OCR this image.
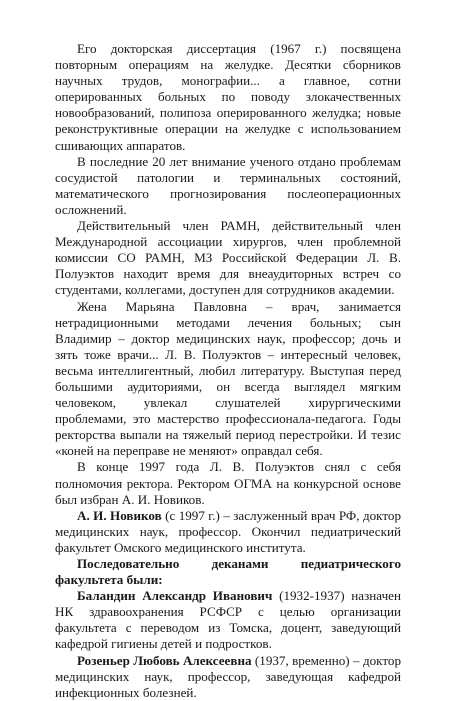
Его докторская диссертация (1967 г.) посвящена повторным операциям на желудке. Десятки сборников научных трудов, монографии... а главное, сотни оперированных больных по поводу злокачественных новообразований, полипоза оперированного желудка; новые реконструктивные операции на желудке с использованием сшивающих аппаратов.

В последние 20 лет внимание ученого отдано проблемам сосудистой патологии и терминальных состояний, математического прогнозирования послеоперационных осложнений.

Действительный член РАМН, действительный член Международной ассоциации хирургов, член проблемной комиссии СО РАМН, МЗ Российской Федерации Л. В. Полуэктов находит время для внеаудиторных встреч со студентами, коллегами, доступен для сотрудников академии.

Жена Марьяна Павловна – врач, занимается нетрадиционными методами лечения больных; сын Владимир – доктор медицинских наук, профессор; дочь и зять тоже врачи... Л. В. Полуэктов – интересный человек, весьма интеллигентный, любил литературу. Выступая перед большими аудиториями, он всегда выглядел мягким человеком, увлекал слушателей хирургическими проблемами, это мастерство профессионала-педагога. Годы ректорства выпали на тяжелый период перестройки. И тезис «коней на переправе не меняют» оправдал себя.

В конце 1997 года Л. В. Полуэктов снял с себя полномочия ректора. Ректором ОГМА на конкурсной основе был избран А. И. Новиков.

А. И. Новиков (с 1997 г.) – заслуженный врач РФ, доктор медицинских наук, профессор. Окончил педиатрический факультет Омского медицинского института.

Последовательно деканами педиатрического факультета были:

Баландин Александр Иванович (1932-1937) назначен НК здравоохранения РСФСР с целью организации факультета с переводом из Томска, доцент, заведующий кафедрой гигиены детей и подростков.

Розеньер Любовь Алексеевна (1937, временно) – доктор медицинских наук, профессор, заведующая кафедрой инфекционных болезней.
